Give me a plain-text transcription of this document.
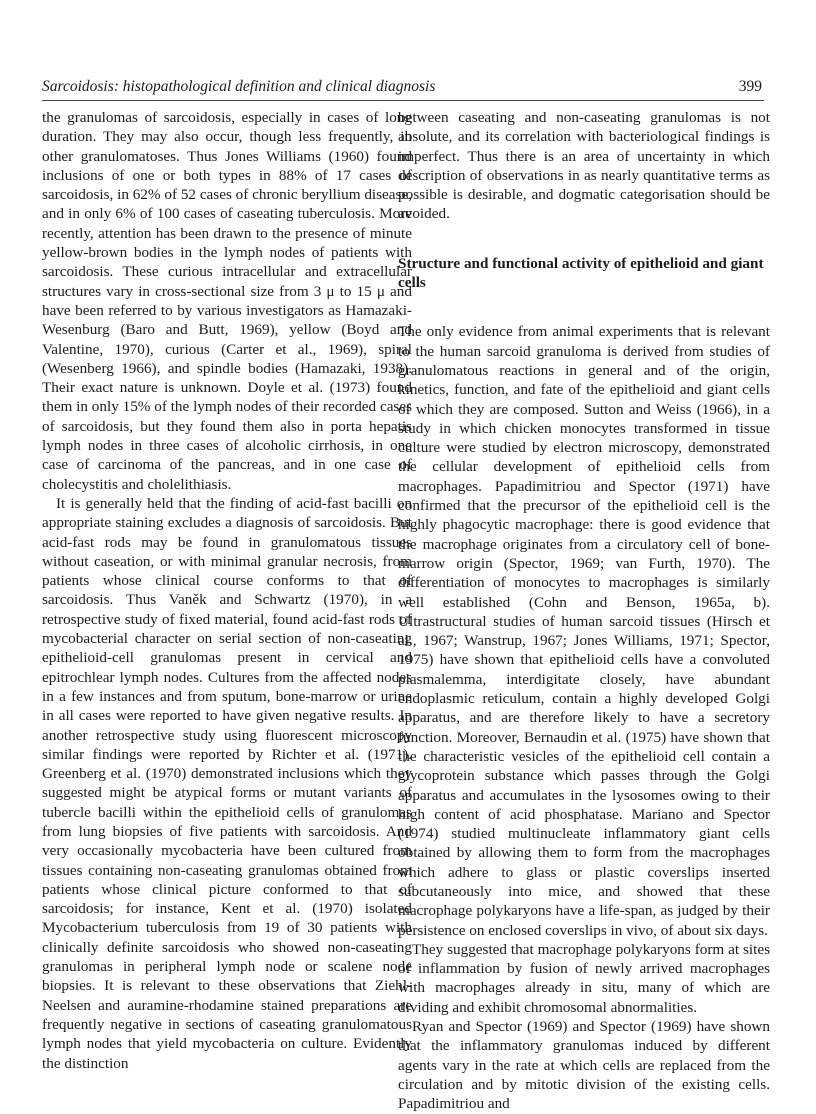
Sarcoidosis: histopathological definition and clinical diagnosis	399

the granulomas of sarcoidosis, especially in cases of long duration. They may also occur, though less frequently, in other granulomatoses. Thus Jones Williams (1960) found inclusions of one or both types in 88% of 17 cases of sarcoidosis, in 62% of 52 cases of chronic beryllium disease, and in only 6% of 100 cases of caseating tuberculosis. More recently, attention has been drawn to the presence of minute yellow-brown bodies in the lymph nodes of patients with sarcoidosis. These curious intracellular and extracellular structures vary in cross-sectional size from 3 μ to 15 μ and have been referred to by various investigators as Hamazaki-Wesenburg (Baro and Butt, 1969), yellow (Boyd and Valentine, 1970), curious (Carter et al., 1969), spiral (Wesenberg 1966), and spindle bodies (Hamazaki, 1938). Their exact nature is unknown. Doyle et al. (1973) found them in only 15% of the lymph nodes of their recorded cases of sarcoidosis, but they found them also in porta hepatis lymph nodes in three cases of alcoholic cirrhosis, in one case of carcinoma of the pancreas, and in one case of cholecystitis and cholelithiasis.

It is generally held that the finding of acid-fast bacilli on appropriate staining excludes a diagnosis of sarcoidosis. But acid-fast rods may be found in granulomatous tissues without caseation, or with minimal granular necrosis, from patients whose clinical course conforms to that of sarcoidosis. Thus Vaněk and Schwartz (1970), in a retrospective study of fixed material, found acid-fast rods of mycobacterial character on serial section of non-caseating epithelioid-cell granulomas present in cervical and epitrochlear lymph nodes. Cultures from the affected nodes in a few instances and from sputum, bone-marrow or urine in all cases were reported to have given negative results. In another retrospective study using fluorescent microscopy similar findings were reported by Richter et al. (1971). Greenberg et al. (1970) demonstrated inclusions which they suggested might be atypical forms or mutant variants of tubercle bacilli within the epithelioid cells of granulomas from lung biopsies of five patients with sarcoidosis. And very occasionally mycobacteria have been cultured from tissues containing non-caseating granulomas obtained from patients whose clinical picture conformed to that of sarcoidosis; for instance, Kent et al. (1970) isolated Mycobacterium tuberculosis from 19 of 30 patients with clinically definite sarcoidosis who showed non-caseating granulomas in peripheral lymph node or scalene node biopsies. It is relevant to these observations that Ziehl-Neelsen and auramine-rhodamine stained preparations are frequently negative in sections of caseating granulomatous lymph nodes that yield mycobacteria on culture. Evidently the distinction

between caseating and non-caseating granulomas is not absolute, and its correlation with bacteriological findings is imperfect. Thus there is an area of uncertainty in which description of observations in as nearly quantitative terms as possible is desirable, and dogmatic categorisation should be avoided.

Structure and functional activity of epithelioid and giant cells

The only evidence from animal experiments that is relevant to the human sarcoid granuloma is derived from studies of granulomatous reactions in general and of the origin, kinetics, function, and fate of the epithelioid and giant cells of which they are composed. Sutton and Weiss (1966), in a study in which chicken monocytes transformed in tissue culture were studied by electron microscopy, demonstrated the cellular development of epithelioid cells from macrophages. Papadimitriou and Spector (1971) have confirmed that the precursor of the epithelioid cell is the highly phagocytic macrophage: there is good evidence that the macrophage originates from a circulatory cell of bone-marrow origin (Spector, 1969; van Furth, 1970). The differentiation of monocytes to macrophages is similarly well established (Cohn and Benson, 1965a, b). Ultrastructural studies of human sarcoid tissues (Hirsch et al., 1967; Wanstrup, 1967; Jones Williams, 1971; Spector, 1975) have shown that epithelioid cells have a convoluted plasmalemma, interdigitate closely, have abundant endoplasmic reticulum, contain a highly developed Golgi apparatus, and are therefore likely to have a secretory function. Moreover, Bernaudin et al. (1975) have shown that the characteristic vesicles of the epithelioid cell contain a glycoprotein substance which passes through the Golgi apparatus and accumulates in the lysosomes owing to their high content of acid phosphatase. Mariano and Spector (1974) studied multinucleate inflammatory giant cells obtained by allowing them to form from the macrophages which adhere to glass or plastic coverslips inserted subcutaneously into mice, and showed that these macrophage polykaryons have a life-span, as judged by their persistence on enclosed coverslips in vivo, of about six days.

They suggested that macrophage polykaryons form at sites of inflammation by fusion of newly arrived macrophages with macrophages already in situ, many of which are dividing and exhibit chromosomal abnormalities.

Ryan and Spector (1969) and Spector (1969) have shown that the inflammatory granulomas induced by different agents vary in the rate at which cells are replaced from the circulation and by mitotic division of the existing cells. Papadimitriou and
